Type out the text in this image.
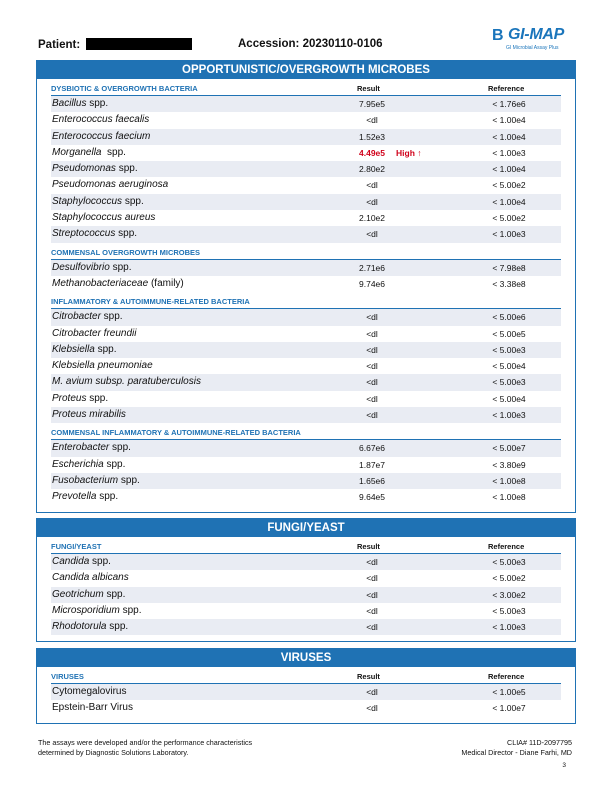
Patient:	Accession: 20230110-0106	B GI-MAP
GI Microbial Assay Plus
OPPORTUNISTIC/OVERGROWTH MICROBES
DYSBIOTIC & OVERGROWTH BACTERIA	Result	Reference
Bacillus spp.	7.95e5	< 1.76e6
Enterococcus faecalis	<dl	< 1.00e4
Enterococcus faecium	1.52e3	< 1.00e4
Morganella  spp.	4.49e5	High ↑	< 1.00e3
Pseudomonas spp.	2.80e2	< 1.00e4
Pseudomonas aeruginosa	<dl	< 5.00e2
Staphylococcus spp.	<dl	< 1.00e4
Staphylococcus aureus	2.10e2	< 5.00e2
Streptococcus spp.	<dl	< 1.00e3
COMMENSAL OVERGROWTH MICROBES
Desulfovibrio spp.	2.71e6	< 7.98e8
Methanobacteriaceae (family)	9.74e6	< 3.38e8
INFLAMMATORY & AUTOIMMUNE-RELATED BACTERIA
Citrobacter spp.	<dl	< 5.00e6
Citrobacter freundii	<dl	< 5.00e5
Klebsiella spp.	<dl	< 5.00e3
Klebsiella pneumoniae	<dl	< 5.00e4
M. avium subsp. paratuberculosis	<dl	< 5.00e3
Proteus spp.	<dl	< 5.00e4
Proteus mirabilis	<dl	< 1.00e3
COMMENSAL INFLAMMATORY & AUTOIMMUNE-RELATED BACTERIA
Enterobacter spp.	6.67e6	< 5.00e7
Escherichia spp.	1.87e7	< 3.80e9
Fusobacterium spp.	1.65e6	< 1.00e8
Prevotella spp.	9.64e5	< 1.00e8
FUNGI/YEAST
FUNGI/YEAST	Result	Reference
Candida spp.	<dl	< 5.00e3
Candida albicans	<dl	< 5.00e2
Geotrichum spp.	<dl	< 3.00e2
Microsporidium spp.	<dl	< 5.00e3
Rhodotorula spp.	<dl	< 1.00e3
VIRUSES
VIRUSES	Result	Reference
Cytomegalovirus	<dl	< 1.00e5
Epstein-Barr Virus	<dl	< 1.00e7
The assays were developed and/or the performance characteristics
determined by Diagnostic Solutions Laboratory.
CLIA# 11D-2097795
Medical Director - Diane Farhi, MD
3
